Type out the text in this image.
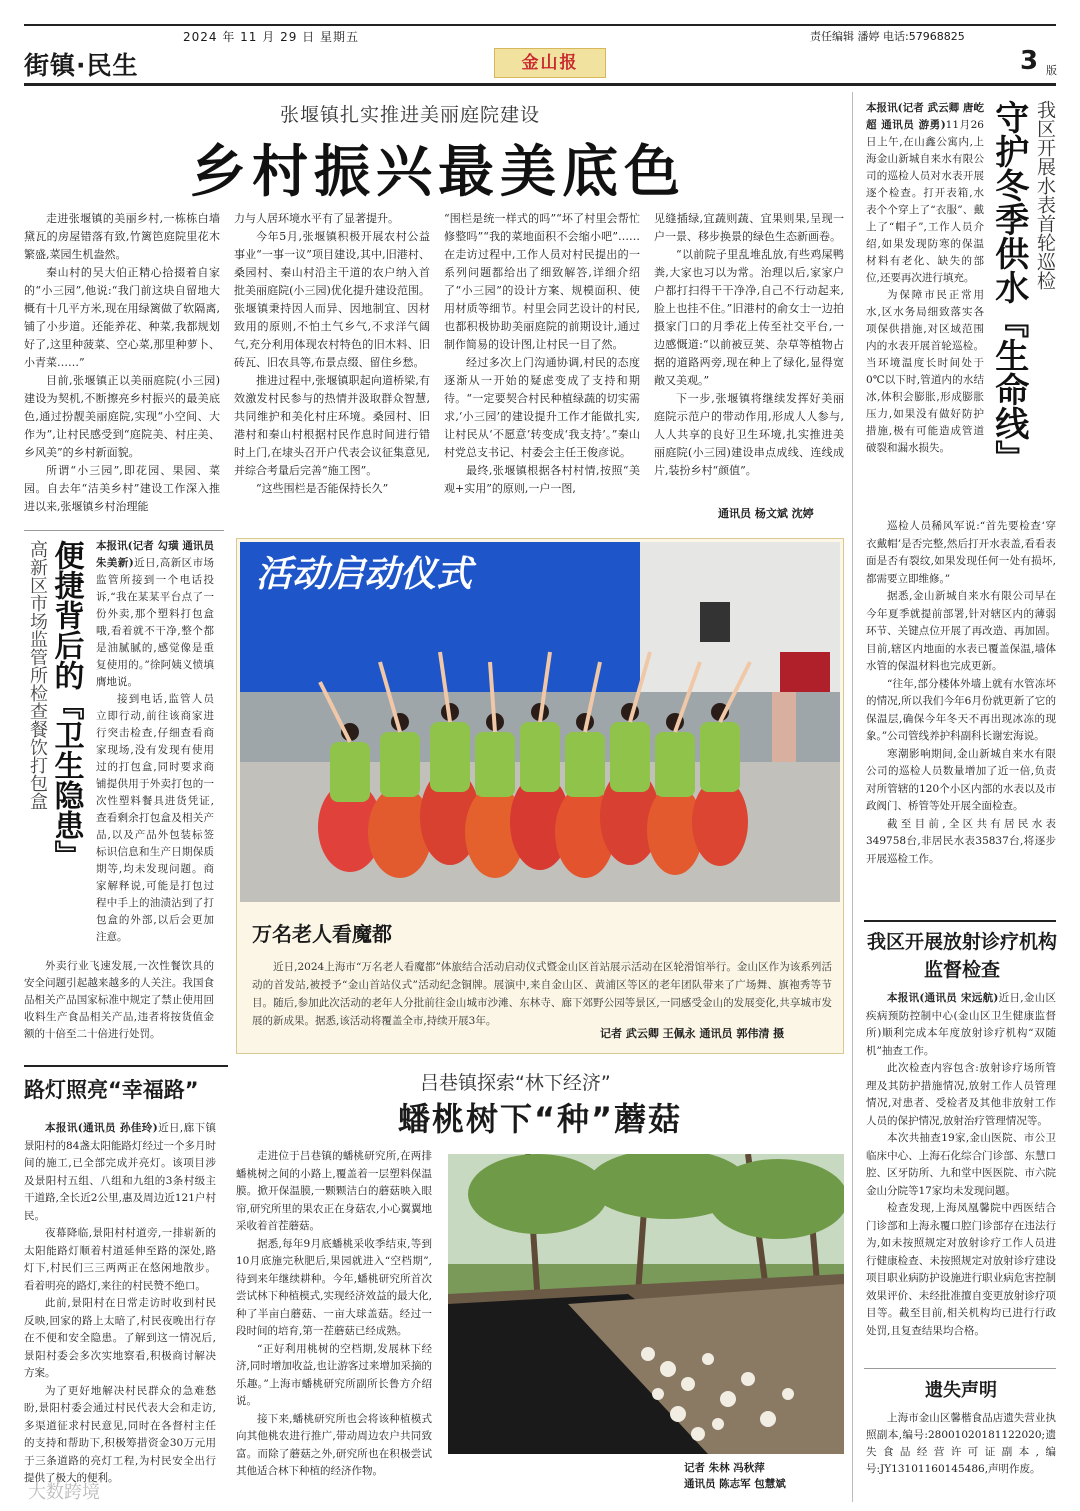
2024 年 11 月 29 日 星期五	责任编辑 潘婷 电话:57968825
街镇·民生	金山报	3 版
张堰镇扎实推进美丽庭院建设
乡村振兴最美底色

走进张堰镇的美丽乡村,一栋栋白墙黛瓦的房屋错落有致,竹篱笆庭院里花木繁盛,菜园生机盎然。

秦山村的吴大伯正精心拾掇着自家的“小三园”,他说:“我门前这块自留地大概有十几平方米,现在用绿篱做了软隔离,铺了小步道。还能养花、种菜,我都规划好了,这里种菠菜、空心菜,那里种萝卜、小青菜……”

目前,张堰镇正以美丽庭院(小三园)建设为契机,不断擦亮乡村振兴的最美底色,通过扮靓美丽庭院,实现“小空间、大作为”,让村民感受到“庭院美、村庄美、乡风美”的乡村新面貌。

所谓“小三园”,即花园、果园、菜园。自去年“洁美乡村”建设工作深入推进以来,张堰镇乡村治理能

力与人居环境水平有了显著提升。

今年5月,张堰镇积极开展农村公益事业“一事一议”项目建设,其中,旧港村、桑园村、秦山村沿主干道的农户纳入首批美丽庭院(小三园)优化提升建设范围。张堰镇秉持因人而异、因地制宜、因材致用的原则,不怕土气乡气,不求洋气阔气,充分利用体现农村特色的旧木料、旧砖瓦、旧农具等,布景点缀、留住乡愁。

推进过程中,张堰镇职起向道桥梁,有效激发村民参与的热情并汲取群众智慧,共同维护和美化村庄环境。桑园村、旧港村和秦山村根据村民作息时间进行错时上门,在埭头召开户代表会议征集意见,并综合考量后完善“施工图”。

“这些围栏是否能保持长久”

“围栏是统一样式的吗”“坏了村里会帮忙修整吗”“我的菜地面积不会缩小吧”……在走访过程中,工作人员对村民提出的一系列问题都给出了细致解答,详细介绍了“小三园”的设计方案、规模面积、使用材质等细节。村里会同艺设计的村民,也都积极协助美丽庭院的前期设计,通过制作简易的设计图,让村民一目了然。

经过多次上门沟通协调,村民的态度逐渐从一开始的疑虑变成了支持和期待。“一定要契合村民种植绿蔬的切实需求,‘小三园’的建设提升工作才能做扎实,让村民从‘不愿意’转变成‘我支持’。”秦山村党总支书记、村委会主任王俊彦说。

最终,张堰镇根据各村村情,按照“美观+实用”的原则,一户一图,

见缝插绿,宜蔬则蔬、宜果则果,呈现一户一景、移步换景的绿色生态新画卷。

“以前院子里乱堆乱放,有些鸡屎鸭粪,大家也习以为常。治理以后,家家户户都打扫得干干净净,自己不行动起来,脸上也挂不住。”旧港村的俞女士一边拍摄家门口的月季花上传至社交平台,一边感慨道:“以前被豆荚、杂草等植物占据的道路两旁,现在种上了绿化,显得宽敞又美观。”

下一步,张堰镇将继续发挥好美丽庭院示范户的带动作用,形成人人参与,人人共享的良好卫生环境,扎实推进美丽庭院(小三园)建设串点成线、连线成片,装扮乡村“颜值”。

通讯员 杨文斌 沈婷
守护冬季供水『生命线』 我区开展水表首轮巡检

本报讯(记者 武云卿 唐屹超 通讯员 游勇)11月26日上午,在山鑫公寓内,上海金山新城自来水有限公司的巡检人员对水表开展逐个检查。打开表箱,水表个个穿上了“衣服”、戴上了“帽子”,工作人员介绍,如果发现防寒的保温材料有老化、缺失的部位,还要再次进行填充。

为保障市民正常用水,区水务局细致落实各项保供措施,对区域范围内的水表开展首轮巡检。当环境温度长时间处于0℃以下时,管道内的水结冰,体积会膨胀,形成膨胀压力,如果没有做好防护措施,极有可能造成管道破裂和漏水损失。

巡检人员稀风军说:“首先要检查‘穿衣戴帽’是否完整,然后打开水表盖,看看表面是否有裂纹,如果发现任何一处有损坏,都需要立即维修。”

据悉,金山新城自来水有限公司早在今年夏季就提前部署,针对辖区内的薄弱环节、关键点位开展了再改造、再加固。目前,辖区内地面的水表已覆盖保温,墙体水管的保温材料也完成更新。

“往年,部分楼体外墙上就有水管冻坏的情况,所以我们今年6月份就更新了它的保温层,确保今年冬天不再出现冰冻的现象。”公司管线养护科副科长谢宏海说。

寒潮影响期间,金山新城自来水有限公司的巡检人员数量增加了近一倍,负责对所管辖的120个小区内部的水表以及市政阀门、桥管等处开展全面检查。

截至目前,全区共有居民水表349758台,非居民水表35837台,将逐步开展巡检工作。

便捷背后的『卫生隐患』
高新区市场监管所检查餐饮打包盒	本报讯(记者 勾璜 通讯员 朱美新)近日,高新区市场监管所接到一个电话投诉,“我在某某平台点了一份外卖,那个塑料打包盒哦,看着就不干净,整个都是油腻腻的,感觉像是重复使用的。”徐阿姨义愤填膺地说。

接到电话,监管人员立即行动,前往该商家进行突击检查,仔细查看商家现场,没有发现有使用过的打包盒,同时要求商铺提供用于外卖打包的一次性塑料餐具进货凭证,查看剩余打包盒及相关产品,以及产品外包装标签标识信息和生产日期保质期等,均未发现问题。商家解释说,可能是打包过程中手上的油渍沾到了打包盒的外部,以后会更加注意。

外卖行业飞速发展,一次性餐饮具的安全问题引起越来越多的人关注。我国食品相关产品国家标准中规定了禁止使用回收料生产食品相关产品,违者将按货值金额的十倍至二十倍进行处罚。

活动启动仪式
万名老人看魔都
近日,2024上海市“万名老人看魔都”体旅结合活动启动仪式暨金山区首站展示活动在区轮滑馆举行。金山区作为该系列活动的首发站,被授予“金山首站仪式”活动纪念铜牌。展演中,来自金山区、黄浦区等区的老年团队带来了广场舞、旗袍秀等节目。随后,参加此次活动的老年人分批前往金山城市沙滩、东林寺、廊下郊野公园等景区,一同感受金山的发展变化,共享城市发展的新成果。据悉,该活动将覆盖全市,持续开展3年。
记者 武云卿 王佩永 通讯员 郭伟清 摄
路灯照亮“幸福路”

本报讯(通讯员 孙佳玲)近日,廊下镇景阳村的84盏太阳能路灯经过一个多月时间的施工,已全部完成并亮灯。该项目涉及景阳村五组、八组和九组的3条村级主干道路,全长近2公里,惠及周边近121户村民。

夜幕降临,景阳村村道旁,一排崭新的太阳能路灯顺着村道延伸至路的深处,路灯下,村民们三三两两正在悠闲地散步。看着明亮的路灯,来往的村民赞不绝口。

此前,景阳村在日常走访时收到村民反映,回家的路上太暗了,村民夜晚出行存在不便和安全隐患。了解到这一情况后,景阳村委会多次实地察看,积极商讨解决方案。

为了更好地解决村民群众的急难愁盼,景阳村委会通过村民代表大会和走访,多渠道征求村民意见,同时在各督村主任的支持和帮助下,积极筹措资金30万元用于三条道路的亮灯工程,为村民安全出行提供了极大的便利。

吕巷镇探索“林下经济”
蟠桃树下“种”蘑菇

走进位于吕巷镇的蟠桃研究所,在两排蟠桃树之间的小路上,覆盖着一层塑料保温膜。掀开保温膜,一颗颗洁白的蘑菇映入眼帘,研究所里的果农正在身菇农,小心翼翼地采收着首茬蘑菇。

据悉,每年9月底蟠桃采收季结束,等到10月底施完秋肥后,果园就进入“空档期”,待到来年继续耕种。今年,蟠桃研究所首次尝试林下种植模式,实现经济效益的最大化,种了半亩白蘑菇、一亩大球盖菇。经过一段时间的培育,第一茬蘑菇已经成熟。

“正好利用桃树的空档期,发展林下经济,同时增加收益,也让游客过来增加采摘的乐趣。”上海市蟠桃研究所副所长鲁方介绍说。

接下来,蟠桃研究所也会将该种植模式向其他桃农进行推广,带动周边农户共同致富。而除了蘑菇之外,研究所也在积极尝试其他适合林下种植的经济作物。	记者 朱林 冯秋萍
通讯员 陈志军 包慧斌
我区开展放射诊疗机构监督检查

本报讯(通讯员 宋远航)近日,金山区疾病预防控制中心(金山区卫生健康监督所)顺利完成本年度放射诊疗机构“双随机”抽查工作。

此次检查内容包含:放射诊疗场所管理及其防护措施情况,放射工作人员管理情况,对患者、受检者及其他非放射工作人员的保护情况,放射治疗管理情况等。

本次共抽查19家,金山医院、市公卫临床中心、上海石化综合门诊部、东慧口腔、区牙防所、九和堂中医医院、市六院金山分院等17家均未发现问题。

检查发现,上海凤凰馨院中西医结合门诊部和上海永覆口腔门诊部存在违法行为,如未按照规定对放射诊疗工作人员进行健康检查、未按照规定对放射诊疗建设项目职业病防护设施进行职业病危害控制效果评价、未经批准擅自变更放射诊疗项目等。截至目前,相关机构均已进行行政处罚,且复查结果均合格。

遗失声明
上海市金山区馨楷食品店遗失营业执照副本,编号:28001020181122020;遗失食品经营许可证副本,编号:JY13101160145486,声明作废。
大数跨境
